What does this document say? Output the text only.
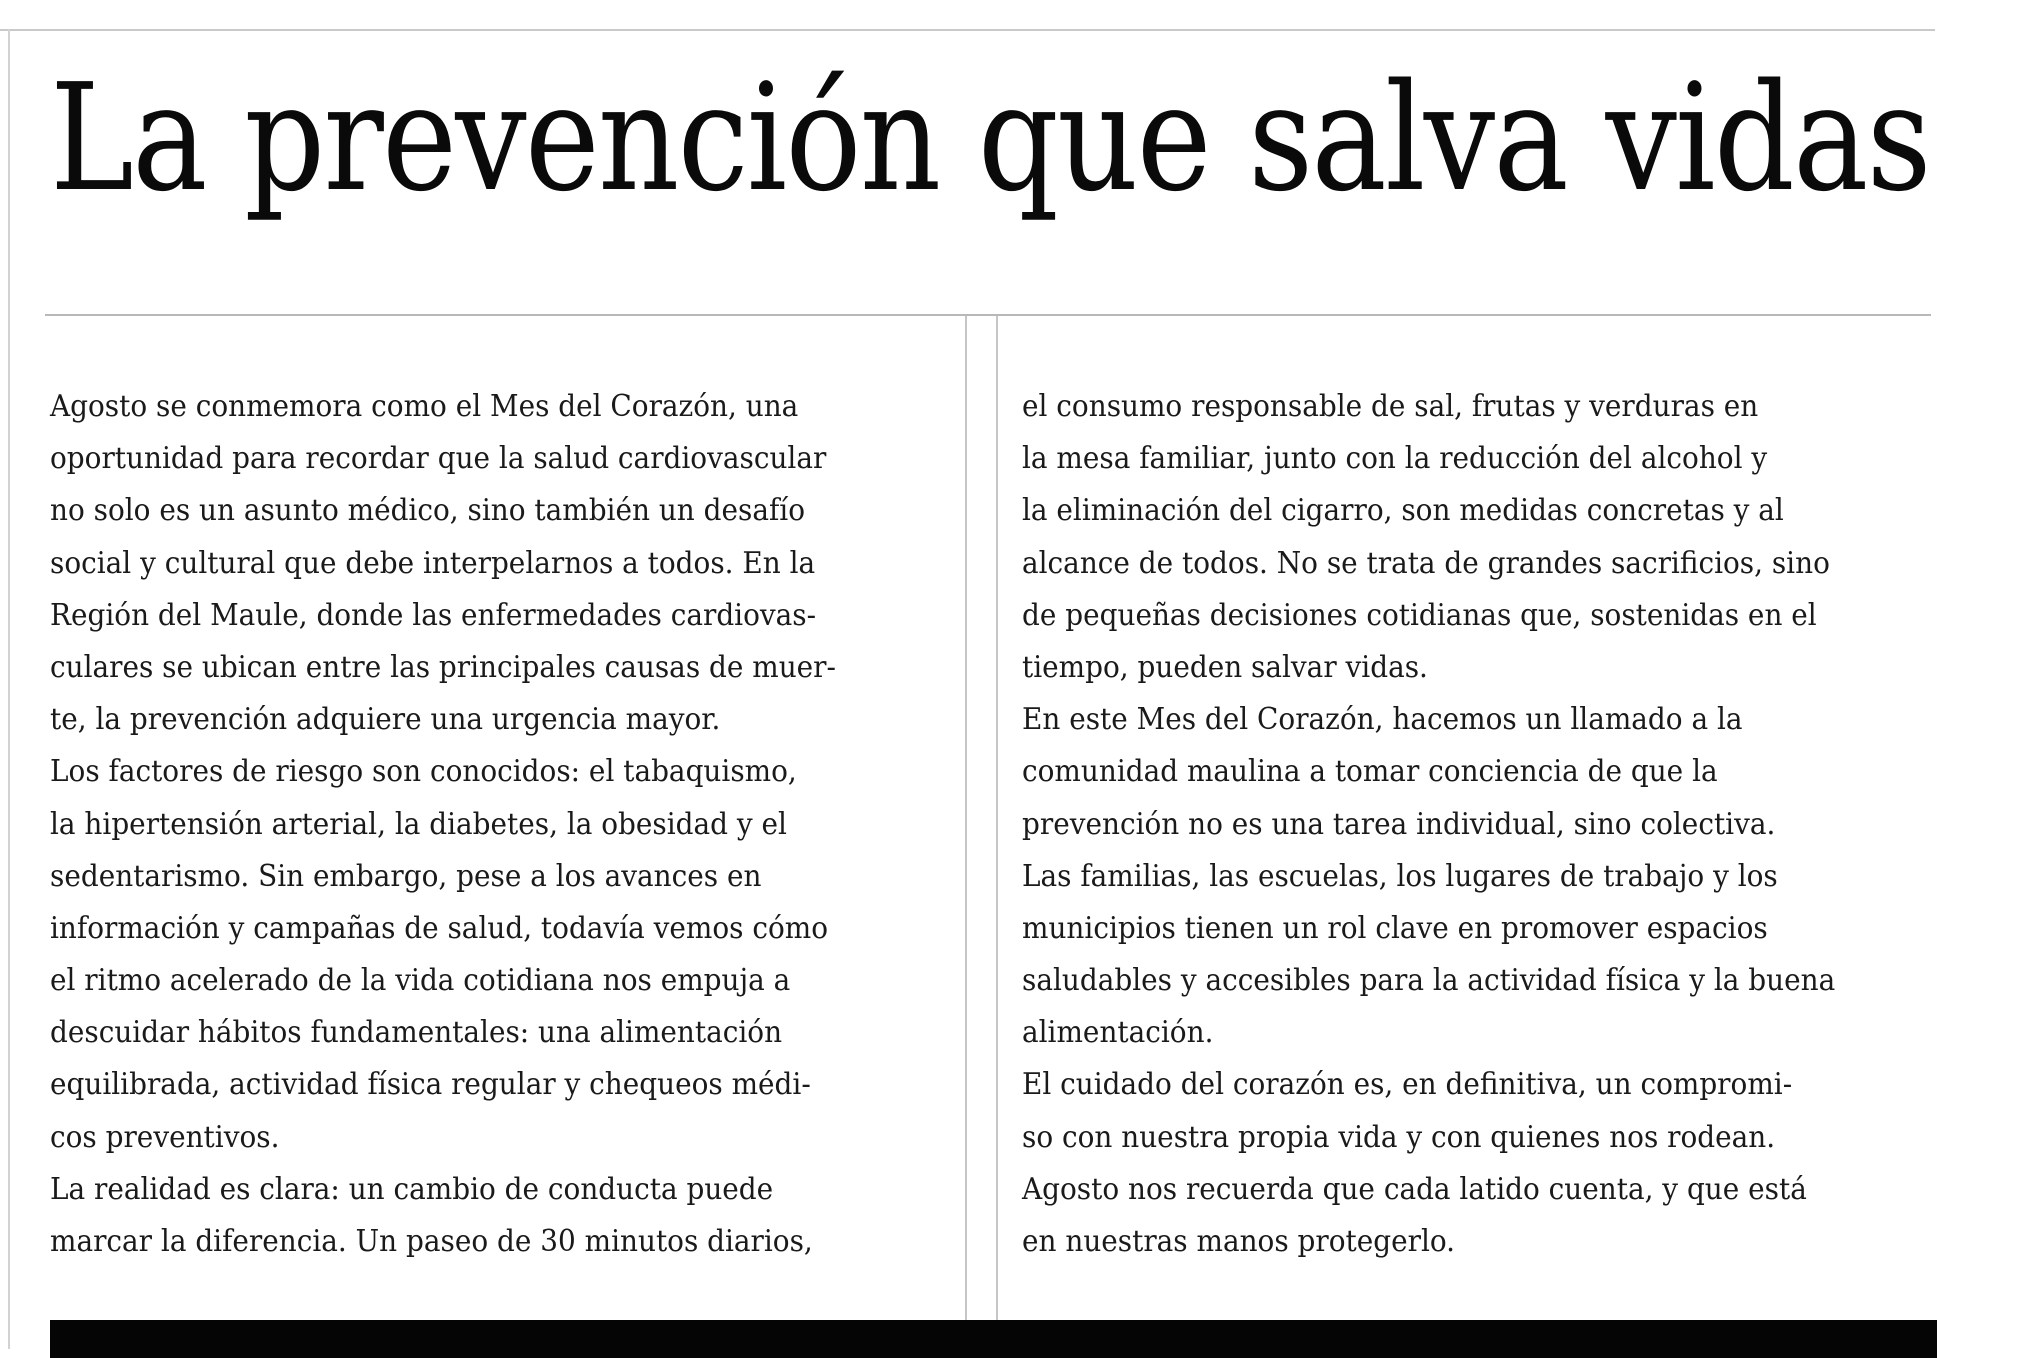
La prevención que salva vidas
Agosto se conmemora como el Mes del Corazón, una
oportunidad para recordar que la salud cardiovascular
no solo es un asunto médico, sino también un desafío
social y cultural que debe interpelarnos a todos. En la
Región del Maule, donde las enfermedades cardiovas-
culares se ubican entre las principales causas de muer-
te, la prevención adquiere una urgencia mayor.
Los factores de riesgo son conocidos: el tabaquismo,
la hipertensión arterial, la diabetes, la obesidad y el
sedentarismo. Sin embargo, pese a los avances en
información y campañas de salud, todavía vemos cómo
el ritmo acelerado de la vida cotidiana nos empuja a
descuidar hábitos fundamentales: una alimentación
equilibrada, actividad física regular y chequeos médi-
cos preventivos.
La realidad es clara: un cambio de conducta puede
marcar la diferencia. Un paseo de 30 minutos diarios,
el consumo responsable de sal, frutas y verduras en
la mesa familiar, junto con la reducción del alcohol y
la eliminación del cigarro, son medidas concretas y al
alcance de todos. No se trata de grandes sacrificios, sino
de pequeñas decisiones cotidianas que, sostenidas en el
tiempo, pueden salvar vidas.
En este Mes del Corazón, hacemos un llamado a la
comunidad maulina a tomar conciencia de que la
prevención no es una tarea individual, sino colectiva.
Las familias, las escuelas, los lugares de trabajo y los
municipios tienen un rol clave en promover espacios
saludables y accesibles para la actividad física y la buena
alimentación.
El cuidado del corazón es, en definitiva, un compromi-
so con nuestra propia vida y con quienes nos rodean.
Agosto nos recuerda que cada latido cuenta, y que está
en nuestras manos protegerlo.
